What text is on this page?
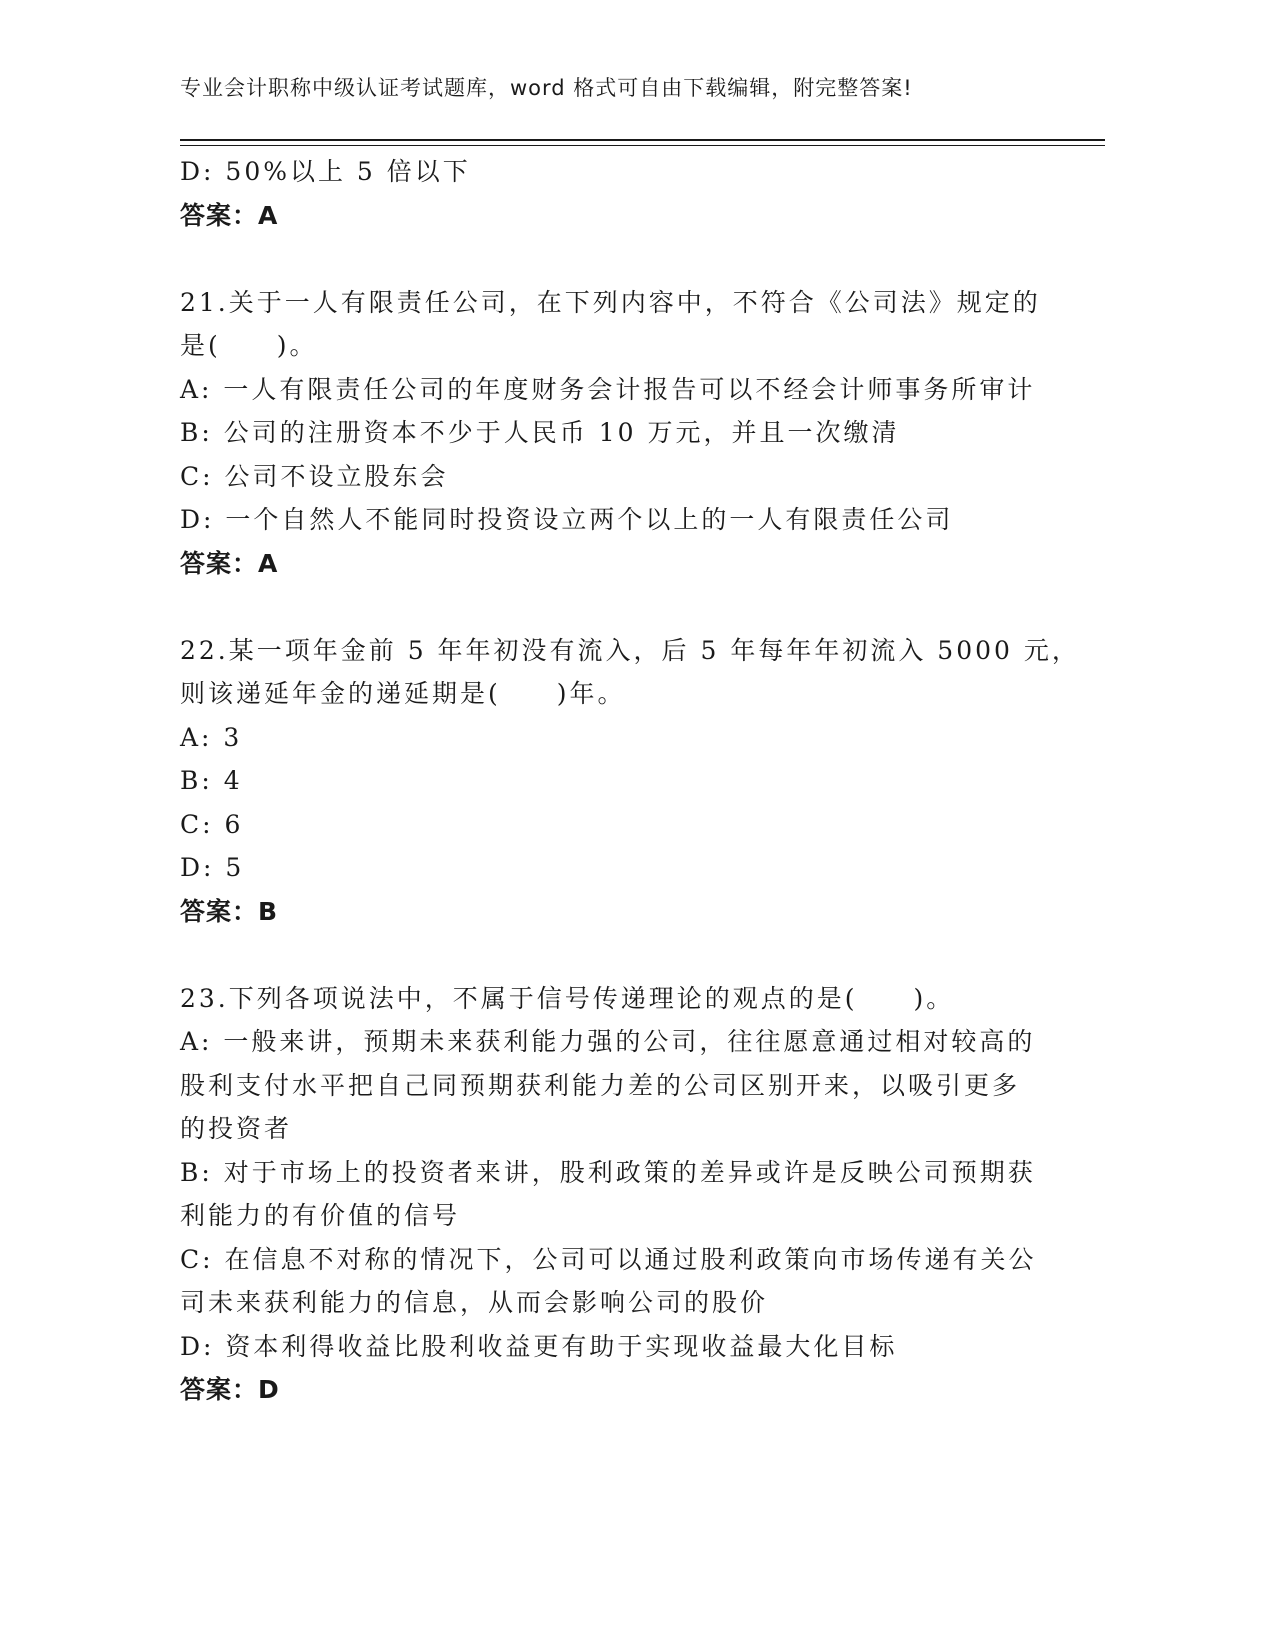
专业会计职称中级认证考试题库，word 格式可自由下载编辑，附完整答案!
D: 50%以上 5 倍以下
答案：A
21.关于一人有限责任公司，在下列内容中，不符合《公司法》规定的
是(　　)。
A: 一人有限责任公司的年度财务会计报告可以不经会计师事务所审计
B: 公司的注册资本不少于人民币 10 万元，并且一次缴清
C: 公司不设立股东会
D: 一个自然人不能同时投资设立两个以上的一人有限责任公司
答案：A
22.某一项年金前 5 年年初没有流入，后 5 年每年年初流入 5000 元，
则该递延年金的递延期是(　　)年。
A: 3
B: 4
C: 6
D: 5
答案：B
23.下列各项说法中，不属于信号传递理论的观点的是(　　)。
A: 一般来讲，预期未来获利能力强的公司，往往愿意通过相对较高的
股利支付水平把自己同预期获利能力差的公司区别开来，以吸引更多
的投资者
B: 对于市场上的投资者来讲，股利政策的差异或许是反映公司预期获
利能力的有价值的信号
C: 在信息不对称的情况下，公司可以通过股利政策向市场传递有关公
司未来获利能力的信息，从而会影响公司的股价
D: 资本利得收益比股利收益更有助于实现收益最大化目标
答案：D
